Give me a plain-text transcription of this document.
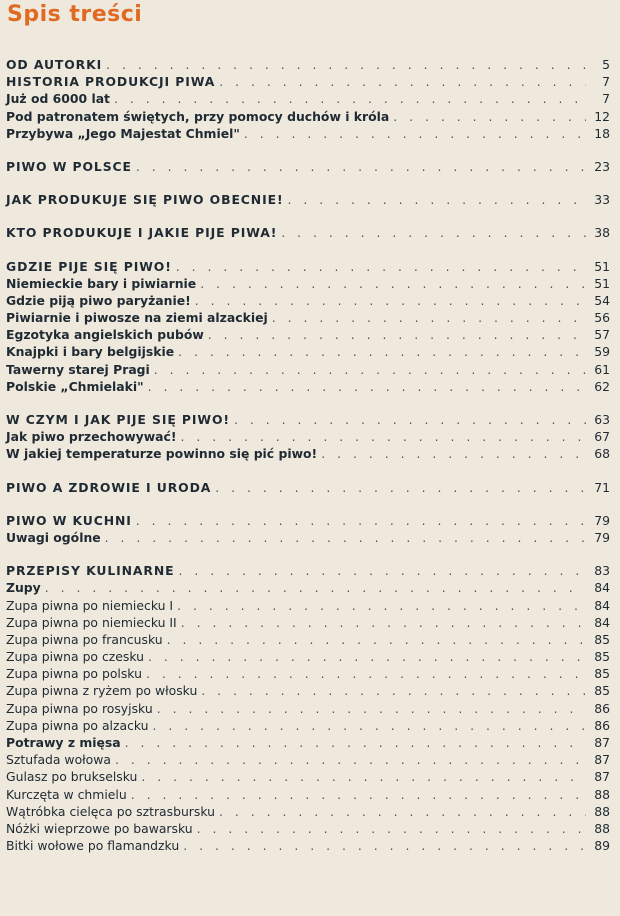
Spis treści
OD AUTORKI . . .	5
HISTORIA PRODUKCJI PIWA . . .	7
Już od 6000 lat . . .	7
Pod patronatem świętych, przy pomocy duchów i króla . . .	12
Przybywa „Jego Majestat Chmiel" . . .	18
PIWO W POLSCE . . .	23
JAK PRODUKUJE SIĘ PIWO OBECNIE! . . .	33
KTO PRODUKUJE I JAKIE PIJE PIWA! . . .	38
GDZIE PIJE SIĘ PIWO! . . .	51
Niemieckie bary i piwiarnie . . .	51
Gdzie piją piwo paryżanie! . . .	54
Piwiarnie i piwosze na ziemi alzackiej . . .	56
Egzotyka angielskich pubów . . .	57
Knajpki i bary belgijskie . . .	59
Tawerny starej Pragi . . .	61
Polskie „Chmielaki" . . .	62
W CZYM I JAK PIJE SIĘ PIWO! . . .	63
Jak piwo przechowywać! . . .	67
W jakiej temperaturze powinno się pić piwo! . . .	68
PIWO A ZDROWIE I URODA . . .	71
PIWO W KUCHNI . . .	79
Uwagi ogólne . . .	79
PRZEPISY KULINARNE . . .	83
Zupy . . .	84
Zupa piwna po niemiecku I . . .	84
Zupa piwna po niemiecku II . . .	84
Zupa piwna po francusku . . .	85
Zupa piwna po czesku . . .	85
Zupa piwna po polsku . . .	85
Zupa piwna z ryżem po włosku . . .	85
Zupa piwna po rosyjsku . . .	86
Zupa piwna po alzacku . . .	86
Potrawy z mięsa . . .	87
Sztufada wołowa . . .	87
Gulasz po brukselsku . . .	87
Kurczęta w chmielu . . .	88
Wątróbka cielęca po sztrasbursku . . .	88
Nóżki wieprzowe po bawarsku . . .	88
Bitki wołowe po flamandzku . . .	89
